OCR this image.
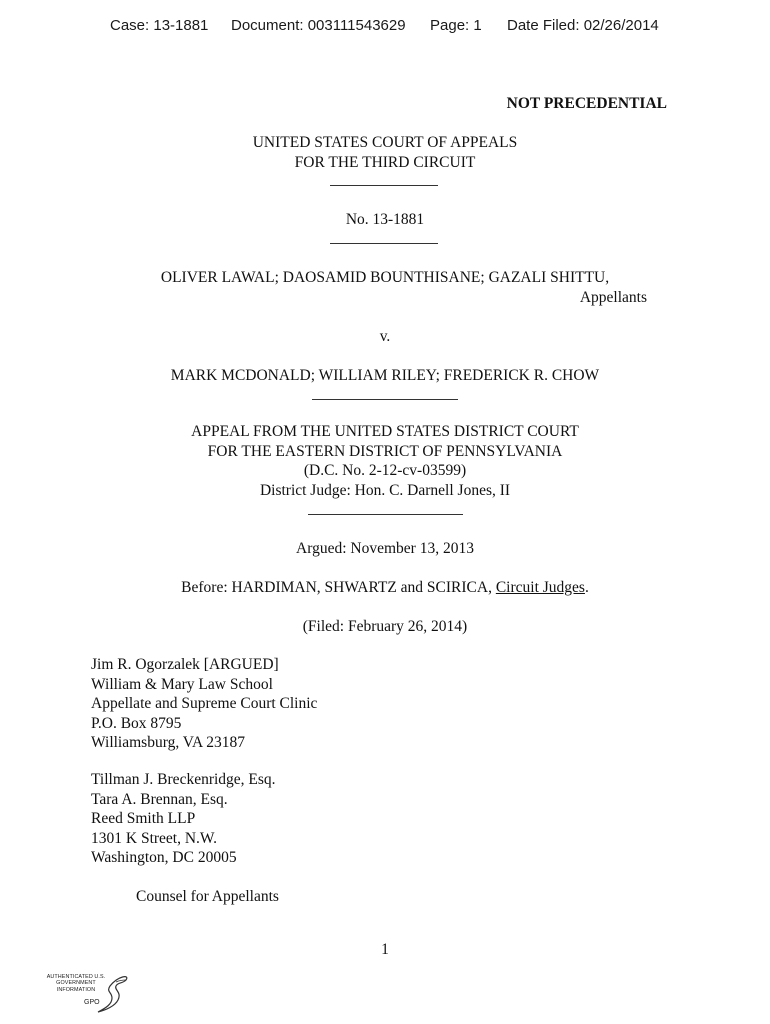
Case: 13-1881 Document: 003111543629 Page: 1 Date Filed: 02/26/2014
NOT PRECEDENTIAL
UNITED STATES COURT OF APPEALS
FOR THE THIRD CIRCUIT
No. 13-1881
OLIVER LAWAL; DAOSAMID BOUNTHISANE; GAZALI SHITTU,
Appellants
v.
MARK MCDONALD; WILLIAM RILEY; FREDERICK R. CHOW
APPEAL FROM THE UNITED STATES DISTRICT COURT
FOR THE EASTERN DISTRICT OF PENNSYLVANIA
(D.C. No. 2-12-cv-03599)
District Judge: Hon. C. Darnell Jones, II
Argued: November 13, 2013
Before: HARDIMAN, SHWARTZ and SCIRICA, Circuit Judges.
(Filed: February 26, 2014)
Jim R. Ogorzalek [ARGUED]
William & Mary Law School
Appellate and Supreme Court Clinic
P.O. Box 8795
Williamsburg, VA 23187
Tillman J. Breckenridge, Esq.
Tara A. Brennan, Esq.
Reed Smith LLP
1301 K Street, N.W.
Washington, DC 20005
Counsel for Appellants
1
AUTHENTICATED U.S. GOVERNMENT INFORMATION
GPO
